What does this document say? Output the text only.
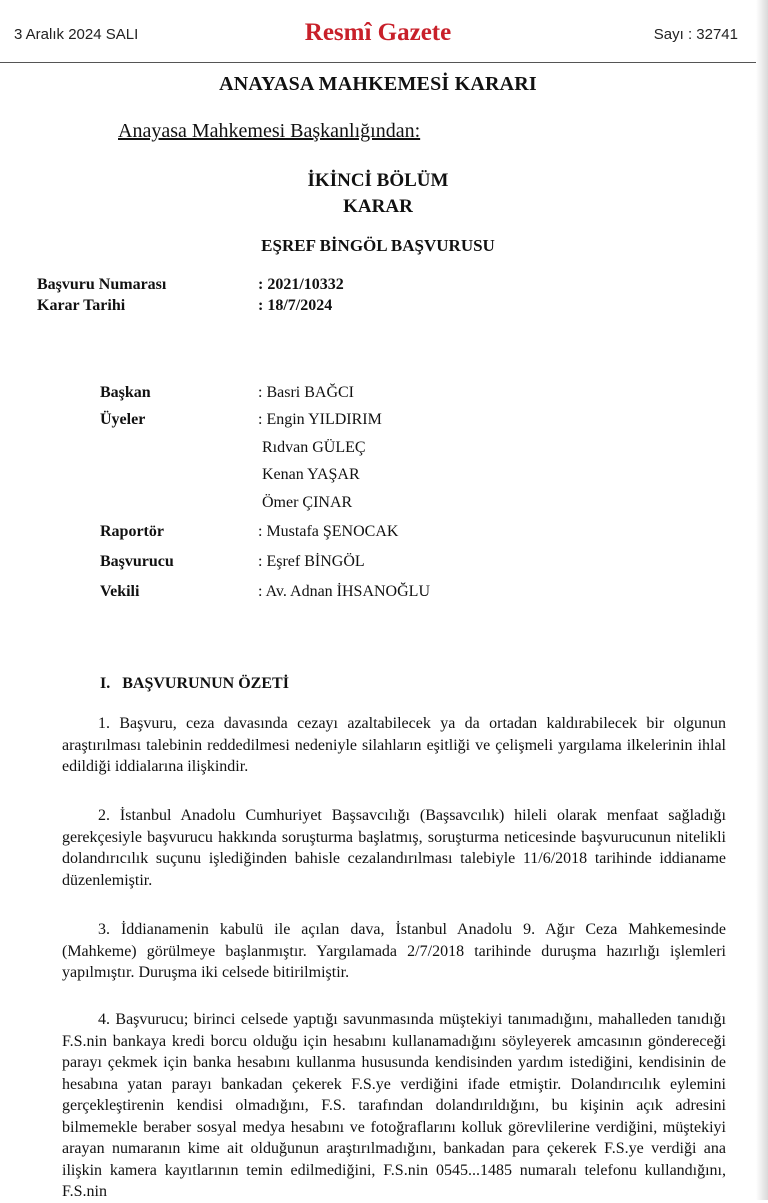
3 Aralık 2024 SALI	Resmî Gazete	Sayı : 32741
ANAYASA MAHKEMESİ KARARI
Anayasa Mahkemesi Başkanlığından:
İKİNCİ BÖLÜM
KARAR
EŞREF BİNGÖL BAŞVURUSU
Başvuru Numarası	: 2021/10332
Karar Tarihi	: 18/7/2024
Başkan	: Basri BAĞCI
Üyeler	: Engin YILDIRIM
Rıdvan GÜLEÇ
Kenan YAŞAR
Ömer ÇINAR
Raportör	: Mustafa ŞENOCAK
Başvurucu	: Eşref BİNGÖL
Vekili	: Av. Adnan İHSANOĞLU
I.   BAŞVURUNUN ÖZETİ
1. Başvuru, ceza davasında cezayı azaltabilecek ya da ortadan kaldırabilecek bir olgunun araştırılması talebinin reddedilmesi nedeniyle silahların eşitliği ve çelişmeli yargılama ilkelerinin ihlal edildiği iddialarına ilişkindir.
2. İstanbul Anadolu Cumhuriyet Başsavcılığı (Başsavcılık) hileli olarak menfaat sağladığı gerekçesiyle başvurucu hakkında soruşturma başlatmış, soruşturma neticesinde başvurucunun nitelikli dolandırıcılık suçunu işlediğinden bahisle cezalandırılması talebiyle 11/6/2018 tarihinde iddianame düzenlemiştir.
3. İddianamenin kabulü ile açılan dava, İstanbul Anadolu 9. Ağır Ceza Mahkemesinde (Mahkeme) görülmeye başlanmıştır. Yargılamada 2/7/2018 tarihinde duruşma hazırlığı işlemleri yapılmıştır. Duruşma iki celsede bitirilmiştir.
4. Başvurucu; birinci celsede yaptığı savunmasında müştekiyi tanımadığını, mahalleden tanıdığı F.S.nin bankaya kredi borcu olduğu için hesabını kullanamadığını söyleyerek amcasının göndereceği parayı çekmek için banka hesabını kullanma hususunda kendisinden yardım istediğini, kendisinin de hesabına yatan parayı bankadan çekerek F.S.ye verdiğini ifade etmiştir. Dolandırıcılık eylemini gerçekleştirenin kendisi olmadığını, F.S. tarafından dolandırıldığını, bu kişinin açık adresini bilmemekle beraber sosyal medya hesabını ve fotoğraflarını kolluk görevlilerine verdiğini, müştekiyi arayan numaranın kime ait olduğunun araştırılmadığını, bankadan para çekerek F.S.ye verdiği ana ilişkin kamera kayıtlarının temin edilmediğini, F.S.nin 0545...1485 numaralı telefonu kullandığını, F.S.nin
